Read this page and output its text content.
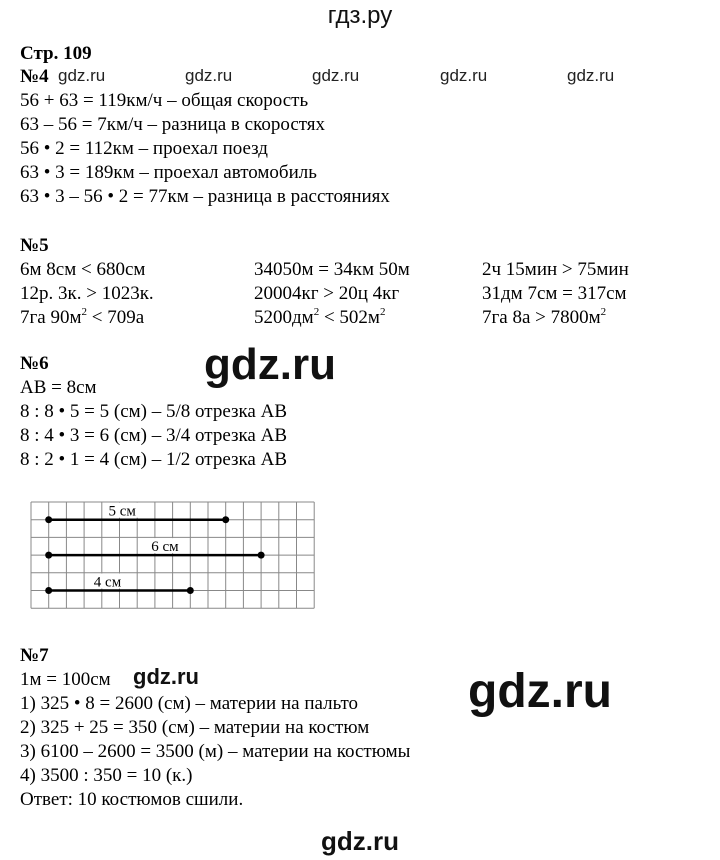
гдз.ру
Стр. 109
№4 gdz.ru	gdz.ru	gdz.ru	gdz.ru	gdz.ru
56 + 63 = 119км/ч – общая скорость
63 – 56 = 7км/ч – разница в скоростях
56 • 2 = 112км – проехал поезд
63 • 3 = 189км – проехал автомобиль
63 • 3 – 56 • 2 = 77км – разница в расстояниях
№5
6м 8см < 680см	34050м = 34км 50м	2ч 15мин > 75мин
12р. 3к. > 1023к.	20004кг > 20ц 4кг	31дм 7см = 317см
7га $90м^2 < 709а$	$5200дм^2 < 502м^2$	7га $8а > 7800м^2$
№6	gdz.ru
АВ = 8см
8 : 8 • 5 = 5 (см) – 5/8 отрезка АВ
8 : 4 • 3 = 6 (см) – 3/4 отрезка АВ
8 : 2 • 1 = 4 (см) – 1/2 отрезка АВ
5 см
6 см
4 см
№7
1м = 100см gdz.ru	gdz.ru
1) 325 • 8 = 2600 (см) – материи на пальто
2) 325 + 25 = 350 (см) – материи на костюм
3) 6100 – 2600 = 3500 (м) – материи на костюмы
4) 3500 : 350 = 10 (к.)
Ответ: 10 костюмов сшили.
gdz.ru
